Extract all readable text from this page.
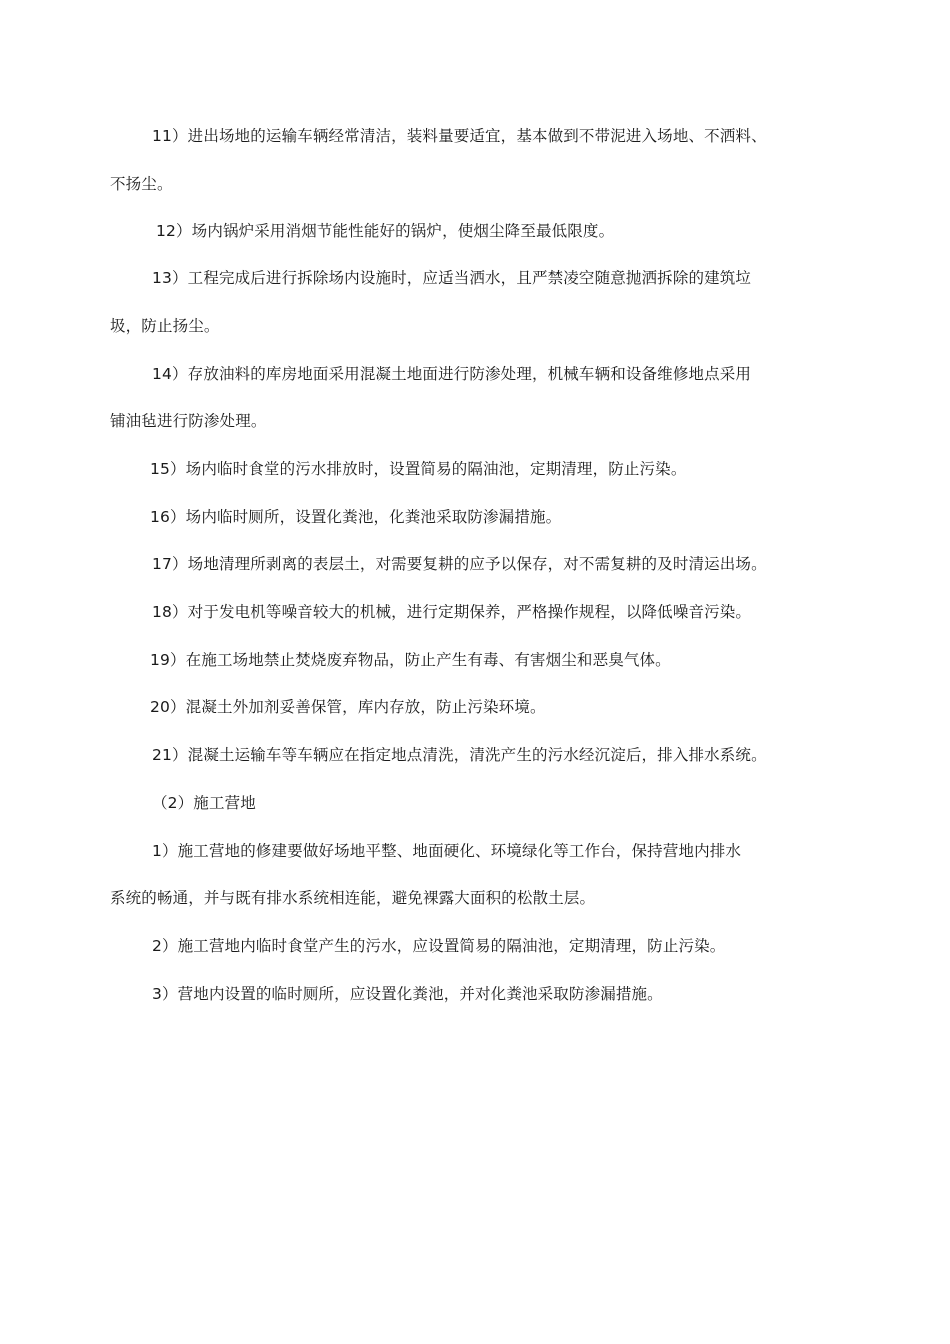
11）进出场地的运输车辆经常清洁，装料量要适宜，基本做到不带泥进入场地、不洒料、
不扬尘。
12）场内锅炉采用消烟节能性能好的锅炉，使烟尘降至最低限度。
13）工程完成后进行拆除场内设施时，应适当洒水，且严禁凌空随意抛洒拆除的建筑垃
圾，防止扬尘。
14）存放油料的库房地面采用混凝土地面进行防渗处理，机械车辆和设备维修地点采用
铺油毡进行防渗处理。
15）场内临时食堂的污水排放时，设置简易的隔油池，定期清理，防止污染。
16）场内临时厕所，设置化粪池，化粪池采取防渗漏措施。
17）场地清理所剥离的表层土，对需要复耕的应予以保存，对不需复耕的及时清运出场。
18）对于发电机等噪音较大的机械，进行定期保养，严格操作规程，以降低噪音污染。
19）在施工场地禁止焚烧废弃物品，防止产生有毒、有害烟尘和恶臭气体。
20）混凝土外加剂妥善保管，库内存放，防止污染环境。
21）混凝土运输车等车辆应在指定地点清洗，清洗产生的污水经沉淀后，排入排水系统。
（2）施工营地
1）施工营地的修建要做好场地平整、地面硬化、环境绿化等工作台，保持营地内排水
系统的畅通，并与既有排水系统相连能，避免裸露大面积的松散土层。
2）施工营地内临时食堂产生的污水，应设置简易的隔油池，定期清理，防止污染。
3）营地内设置的临时厕所，应设置化粪池，并对化粪池采取防渗漏措施。
